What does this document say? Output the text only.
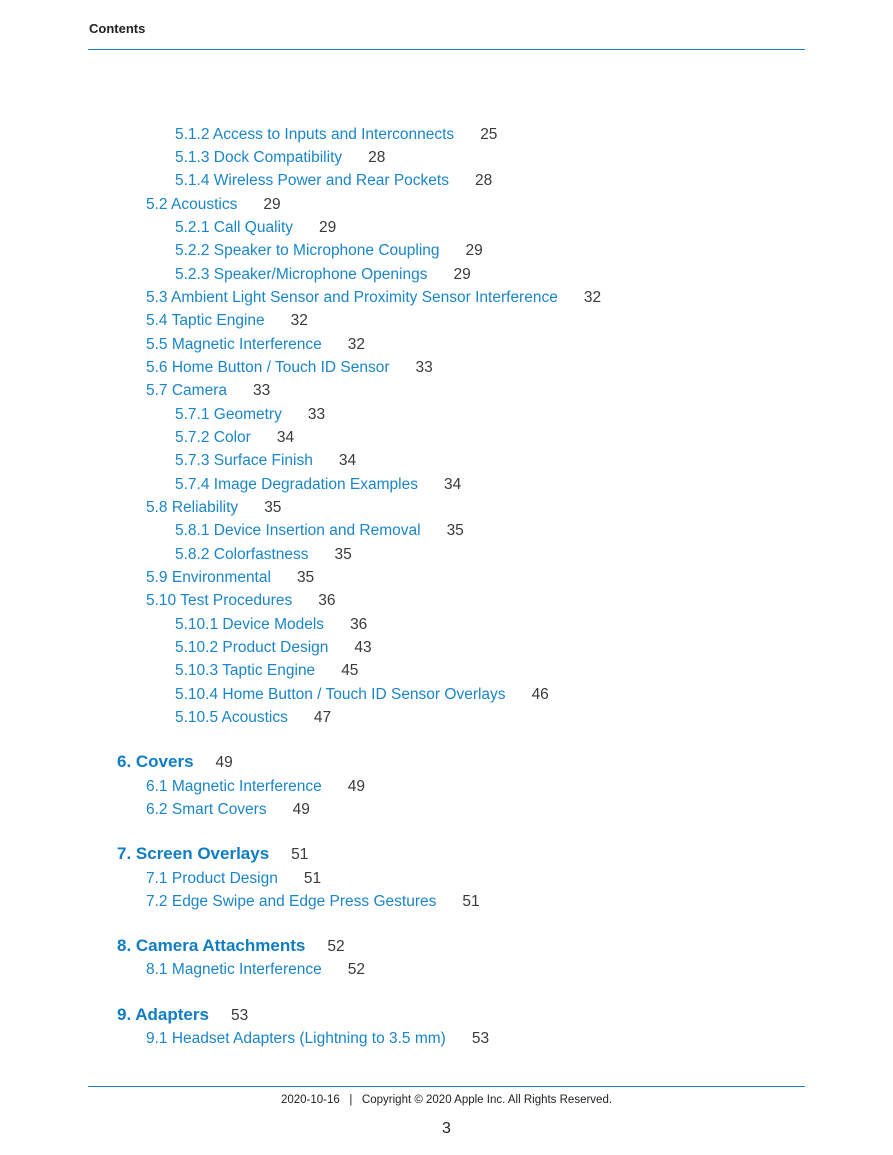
Contents
5.1.2 Access to Inputs and Interconnects 25
5.1.3 Dock Compatibility 28
5.1.4 Wireless Power and Rear Pockets 28
5.2 Acoustics 29
5.2.1 Call Quality 29
5.2.2 Speaker to Microphone Coupling 29
5.2.3 Speaker/Microphone Openings 29
5.3 Ambient Light Sensor and Proximity Sensor Interference 32
5.4 Taptic Engine 32
5.5 Magnetic Interference 32
5.6 Home Button / Touch ID Sensor 33
5.7 Camera 33
5.7.1 Geometry 33
5.7.2 Color 34
5.7.3 Surface Finish 34
5.7.4 Image Degradation Examples 34
5.8 Reliability 35
5.8.1 Device Insertion and Removal 35
5.8.2 Colorfastness 35
5.9 Environmental 35
5.10 Test Procedures 36
5.10.1 Device Models 36
5.10.2 Product Design 43
5.10.3 Taptic Engine 45
5.10.4 Home Button / Touch ID Sensor Overlays 46
5.10.5 Acoustics 47
6. Covers 49
6.1 Magnetic Interference 49
6.2 Smart Covers 49
7. Screen Overlays 51
7.1 Product Design 51
7.2 Edge Swipe and Edge Press Gestures 51
8. Camera Attachments 52
8.1 Magnetic Interference 52
9. Adapters 53
9.1 Headset Adapters (Lightning to 3.5 mm) 53
2020-10-16   |   Copyright © 2020 Apple Inc. All Rights Reserved.
3
